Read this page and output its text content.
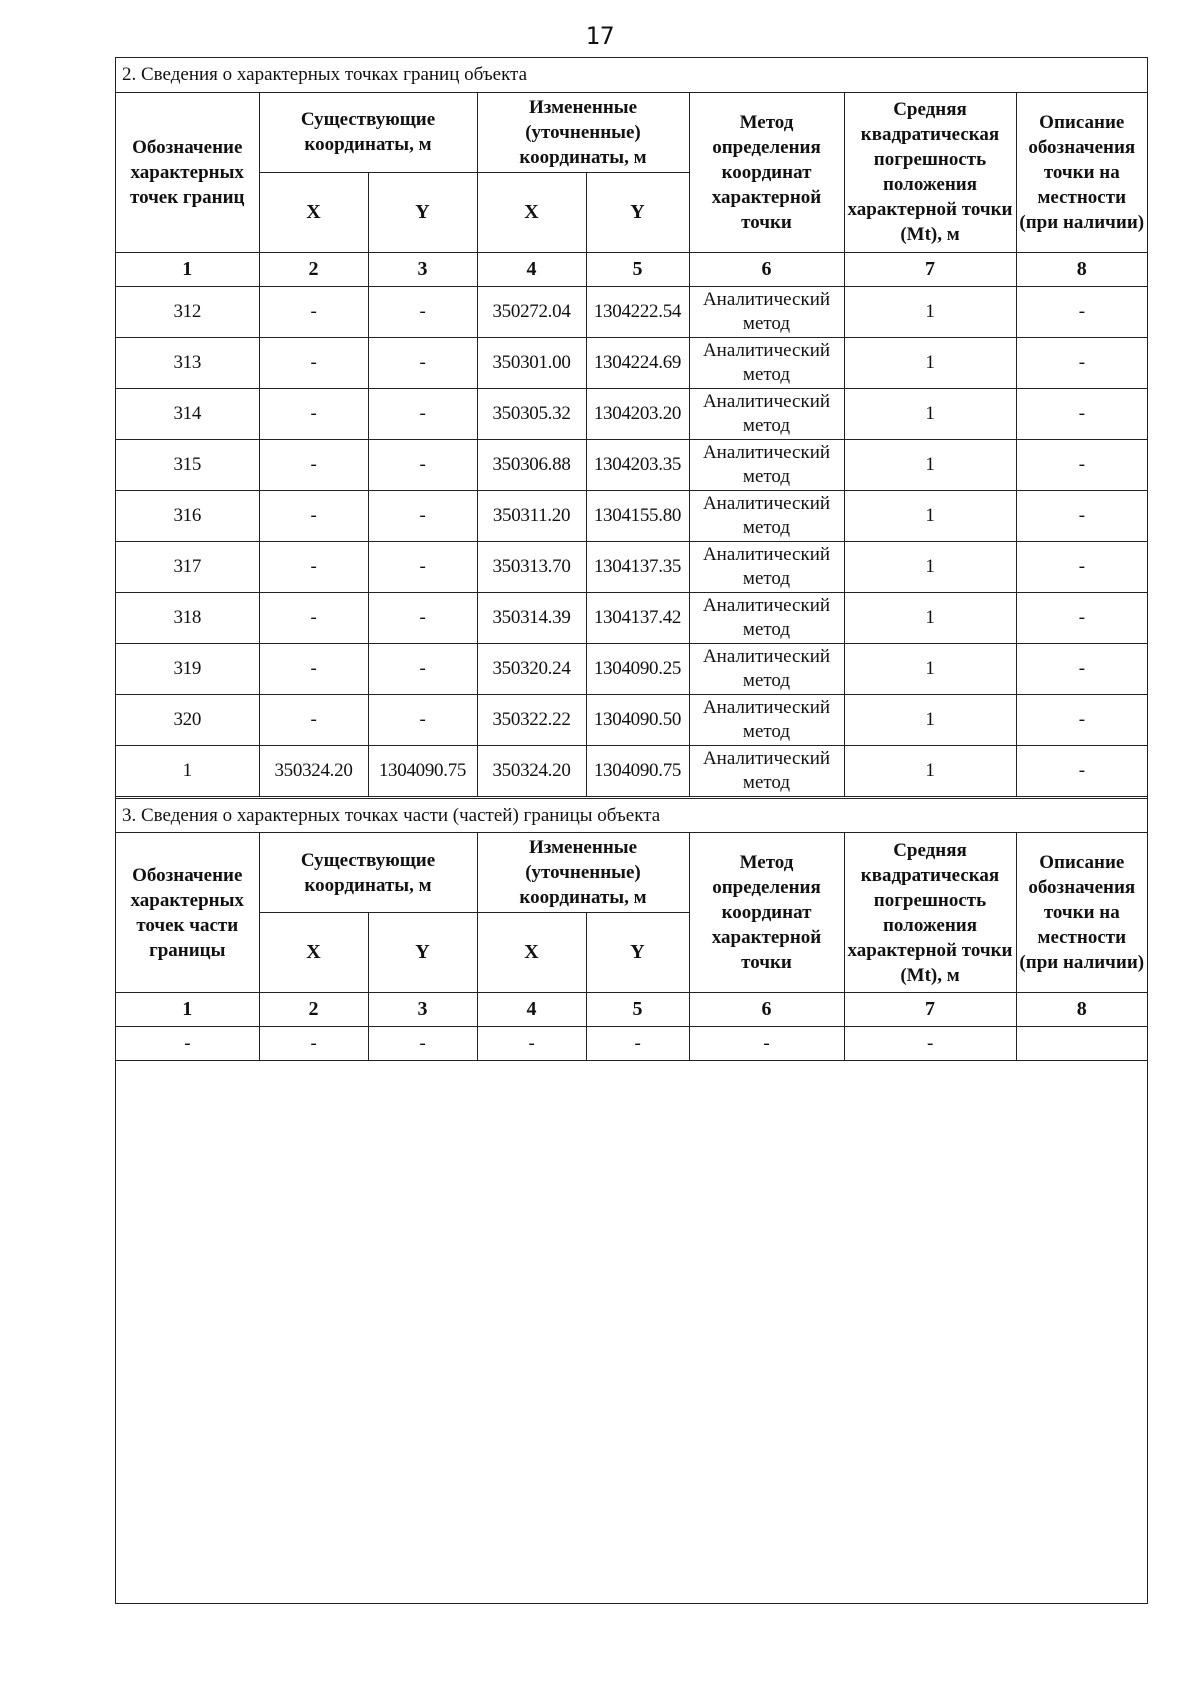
17
2. Сведения о характерных точках границ объекта							
Обозначение характерных точек границ	Существующие координаты, м		Измененные (уточненные) координаты, м		Метод определения координат характерной точки	Средняя квадратическая погрешность положения характерной точки (Mt), м	Описание обозначения точки на местности (при наличии)
	X	Y	X	Y			
1	2	3	4	5	6	7	8
312	-	-	350272.04	1304222.54	Аналитический метод	1	-
313	-	-	350301.00	1304224.69	Аналитический метод	1	-
314	-	-	350305.32	1304203.20	Аналитический метод	1	-
315	-	-	350306.88	1304203.35	Аналитический метод	1	-
316	-	-	350311.20	1304155.80	Аналитический метод	1	-
317	-	-	350313.70	1304137.35	Аналитический метод	1	-
318	-	-	350314.39	1304137.42	Аналитический метод	1	-
319	-	-	350320.24	1304090.25	Аналитический метод	1	-
320	-	-	350322.22	1304090.50	Аналитический метод	1	-
1	350324.20	1304090.75	350324.20	1304090.75	Аналитический метод	1	-
3. Сведения о характерных точках части (частей) границы объекта							
Обозначение характерных точек части границы	Существующие координаты, м		Измененные (уточненные) координаты, м		Метод определения координат характерной точки	Средняя квадратическая погрешность положения характерной точки (Mt), м	Описание обозначения точки на местности (при наличии)
	X	Y	X	Y			
1	2	3	4	5	6	7	8
-	-	-	-	-	-	-	
